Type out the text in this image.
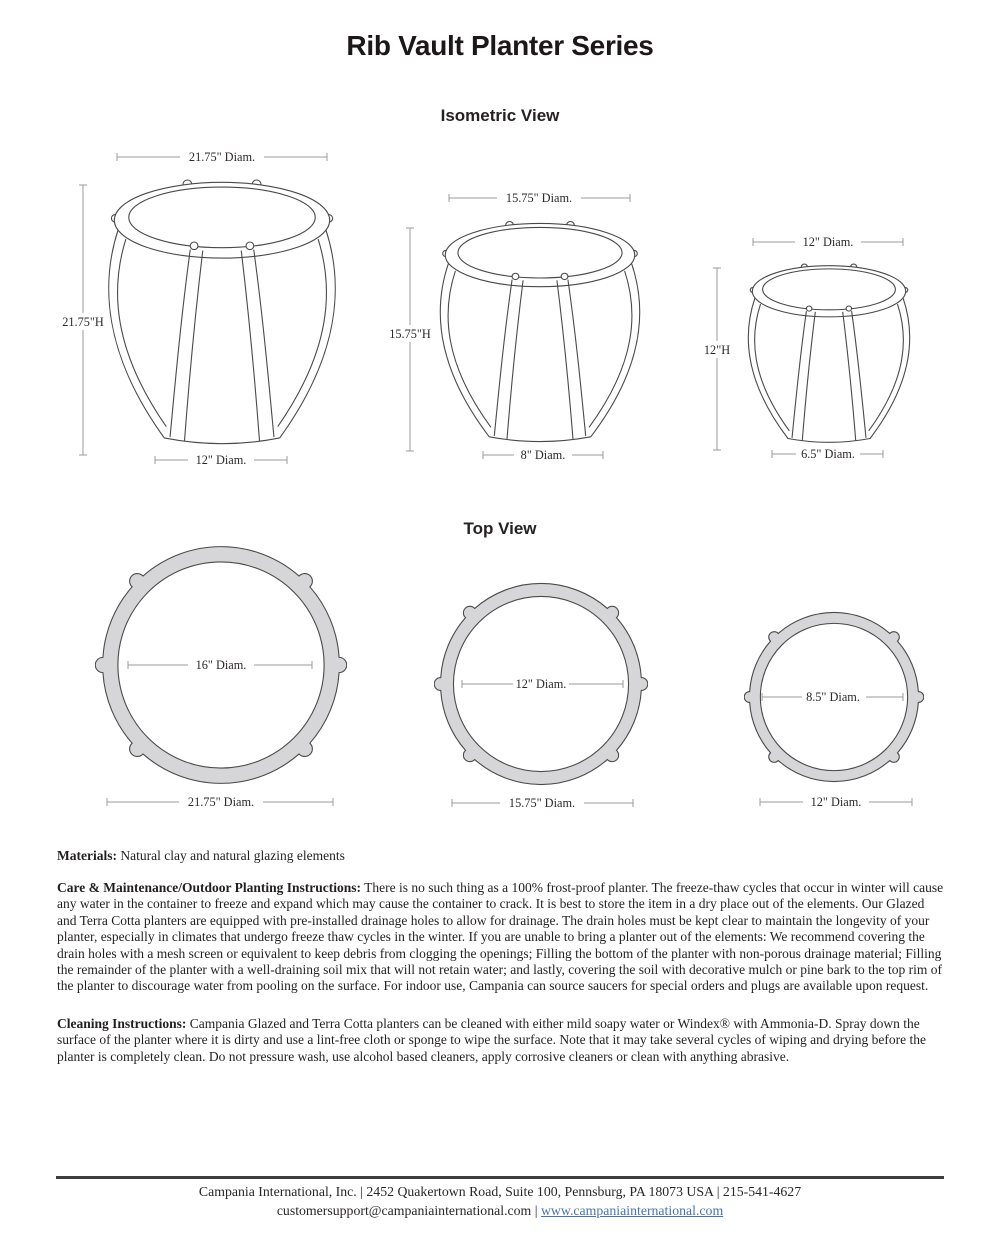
Rib Vault Planter Series
Isometric View
21.75" Diam.
21.75"H
12" Diam.
15.75" Diam.
15.75"H
8" Diam.
12" Diam.
12"H
6.5" Diam.
Top View
16" Diam.
21.75" Diam.
12" Diam.
15.75" Diam.
8.5" Diam.
12" Diam.
Materials: Natural clay and natural glazing elements
Care & Maintenance/Outdoor Planting Instructions: There is no such thing as a 100% frost-proof planter. The freeze-thaw cycles that occur in winter will cause any water in the container to freeze and expand which may cause the container to crack. It is best to store the item in a dry place out of the elements. Our Glazed and Terra Cotta planters are equipped with pre-installed drainage holes to allow for drainage. The drain holes must be kept clear to maintain the longevity of your planter, especially in climates that undergo freeze thaw cycles in the winter. If you are unable to bring a planter out of the elements: We recommend covering the drain holes with a mesh screen or equivalent to keep debris from clogging the openings; Filling the bottom of the planter with non-porous drainage material; Filling the remainder of the planter with a well-draining soil mix that will not retain water; and lastly, covering the soil with decorative mulch or pine bark to the top rim of the planter to discourage water from pooling on the surface. For indoor use, Campania can source saucers for special orders and plugs are available upon request.
Cleaning Instructions: Campania Glazed and Terra Cotta planters can be cleaned with either mild soapy water or Windex® with Ammonia-D. Spray down the surface of the planter where it is dirty and use a lint-free cloth or sponge to wipe the surface. Note that it may take several cycles of wiping and drying before the planter is completely clean. Do not pressure wash, use alcohol based cleaners, apply corrosive cleaners or clean with anything abrasive.
Campania International, Inc. | 2452 Quakertown Road, Suite 100, Pennsburg, PA 18073 USA | 215-541-4627
customersupport@campaniainternational.com | www.campaniainternational.com
